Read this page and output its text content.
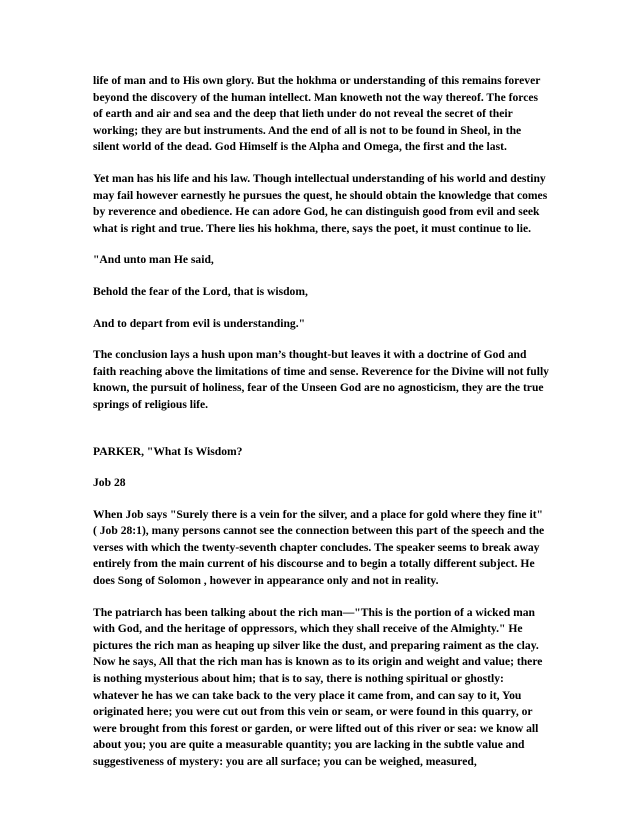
life of man and to His own glory. But the hokhma or understanding of this remains forever beyond the discovery of the human intellect. Man knoweth not the way thereof. The forces of earth and air and sea and the deep that lieth under do not reveal the secret of their working; they are but instruments. And the end of all is not to be found in Sheol, in the silent world of the dead. God Himself is the Alpha and Omega, the first and the last.

Yet man has his life and his law. Though intellectual understanding of his world and destiny may fail however earnestly he pursues the quest, he should obtain the knowledge that comes by reverence and obedience. He can adore God, he can distinguish good from evil and seek what is right and true. There lies his hokhma, there, says the poet, it must continue to lie.

"And unto man He said,

Behold the fear of the Lord, that is wisdom,

And to depart from evil is understanding."

The conclusion lays a hush upon man’s thought-but leaves it with a doctrine of God and faith reaching above the limitations of time and sense. Reverence for the Divine will not fully known, the pursuit of holiness, fear of the Unseen God are no agnosticism, they are the true springs of religious life.

PARKER, "What Is Wisdom?

Job 28

When Job says "Surely there is a vein for the silver, and a place for gold where they fine it" ( Job 28:1), many persons cannot see the connection between this part of the speech and the verses with which the twenty-seventh chapter concludes. The speaker seems to break away entirely from the main current of his discourse and to begin a totally different subject. He does Song of Solomon , however in appearance only and not in reality.

The patriarch has been talking about the rich man—"This is the portion of a wicked man with God, and the heritage of oppressors, which they shall receive of the Almighty." He pictures the rich man as heaping up silver like the dust, and preparing raiment as the clay. Now he says, All that the rich man has is known as to its origin and weight and value; there is nothing mysterious about him; that is to say, there is nothing spiritual or ghostly: whatever he has we can take back to the very place it came from, and can say to it, You originated here; you were cut out from this vein or seam, or were found in this quarry, or were brought from this forest or garden, or were lifted out of this river or sea: we know all about you; you are quite a measurable quantity; you are lacking in the subtle value and suggestiveness of mystery: you are all surface; you can be weighed, measured,
